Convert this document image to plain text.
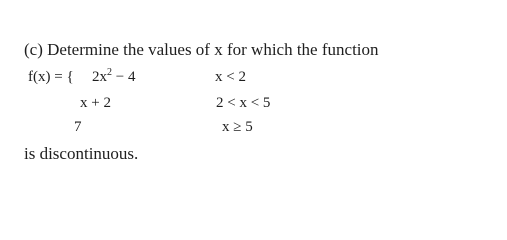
(c) Determine the values of x for which the function
f(x) = { $2x^2 - 4$	x < 2
x + 2	2 < x < 5
7	x ≥ 5
is discontinuous.
